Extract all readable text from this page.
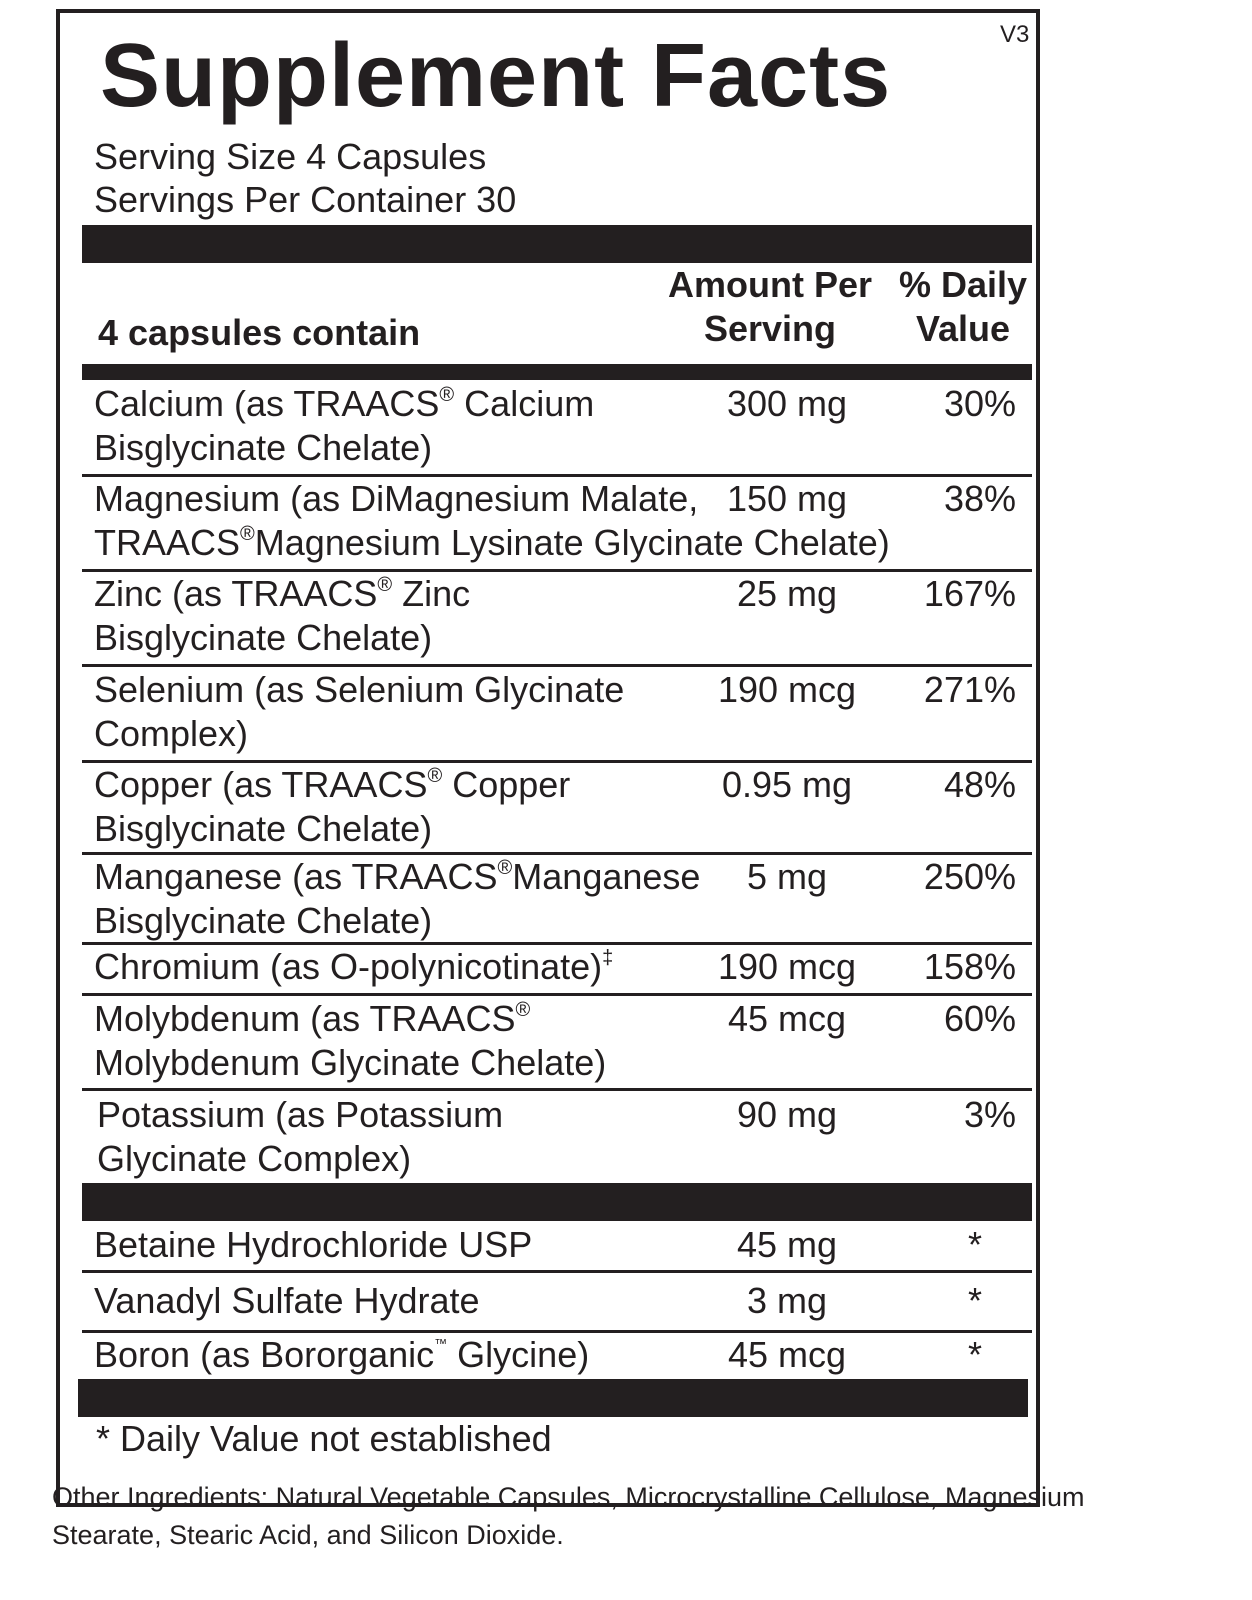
Supplement Facts	V3
Serving Size 4 Capsules
Servings Per Container 30
4 capsules contain
Amount Per
Serving
% Daily
Value
Calcium (as TRAACS® Calcium
Bisglycinate Chelate)
300 mg	30%
Magnesium (as DiMagnesium Malate,
TRAACS®Magnesium Lysinate Glycinate Chelate)
150 mg	38%
Zinc (as TRAACS® Zinc
Bisglycinate Chelate)
25 mg	167%
Selenium (as Selenium Glycinate
Complex)
190 mcg	271%
Copper (as TRAACS® Copper
Bisglycinate Chelate)
0.95 mg	48%
Manganese (as TRAACS®Manganese
Bisglycinate Chelate)
5 mg	250%
Chromium (as O-polynicotinate)‡	190 mcg	158%
Molybdenum (as TRAACS®
Molybdenum Glycinate Chelate)
45 mcg	60%
Potassium (as Potassium
Glycinate Complex)
90 mg	3%
Betaine Hydrochloride USP	45 mg	*
Vanadyl Sulfate Hydrate	3 mg	*
Boron (as Bororganic™ Glycine)	45 mcg	*
* Daily Value not established
Other Ingredients: Natural Vegetable Capsules, Microcrystalline Cellulose, Magnesium Stearate, Stearic Acid, and Silicon Dioxide.
